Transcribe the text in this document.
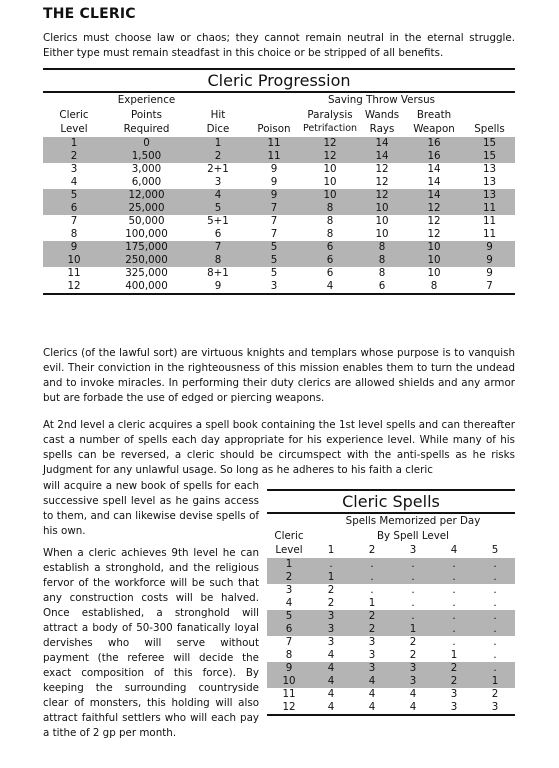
THE CLERIC

Clerics must choose law or chaos; they cannot remain neutral in the eternal struggle. Either type must remain steadfast in this choice or be stripped of all benefits.

Cleric Progression
	Experience		Saving Throw Versus				
Cleric	Points	Hit		Paralysis	Wands	Breath	
Level	Required	Dice	Poison	Petrifaction	Rays	Weapon	Spells
1	0	1	11	12	14	16	15
2	1,500	2	11	12	14	16	15
3	3,000	2+1	9	10	12	14	13
4	6,000	3	9	10	12	14	13
5	12,000	4	9	10	12	14	13
6	25,000	5	7	8	10	12	11
7	50,000	5+1	7	8	10	12	11
8	100,000	6	7	8	10	12	11
9	175,000	7	5	6	8	10	9
10	250,000	8	5	6	8	10	9
11	325,000	8+1	5	6	8	10	9
12	400,000	9	3	4	6	8	7

Clerics (of the lawful sort) are virtuous knights and templars whose purpose is to vanquish evil. Their conviction in the righteousness of this mission enables them to turn the undead and to invoke miracles. In performing their duty clerics are allowed shields and any armor but are forbade the use of edged or piercing weapons.

At 2nd level a cleric acquires a spell book containing the 1st level spells and can thereafter cast a number of spells each day appropriate for his experience level. While many of his spells can be reversed, a cleric should be circumspect with the anti-spells as he risks Judgment for any unlawful usage. So long as he adheres to his faith a cleric

will acquire a new book of spells for each successive spell level as he gains access to them, and can likewise devise spells of his own.

When a cleric achieves 9th level he can establish a stronghold, and the religious fervor of the workforce will be such that any construction costs will be halved. Once established, a stronghold will attract a body of 50-300 fanatically loyal dervishes who will serve without payment (the referee will decide the exact composition of this force). By keeping the surrounding countryside clear of monsters, this holding will also attract faithful settlers who will each pay a tithe of 2 gp per month.

Cleric Spells
	Spells Memorized per Day				
Cleric	By Spell Level				
Level	1	2	3	4	5
1	.	.	.	.	.
2	1	.	.	.	.
3	2	.	.	.	.
4	2	1	.	.	.
5	3	2	.	.	.
6	3	2	1	.	.
7	3	3	2	.	.
8	4	3	2	1	.
9	4	3	3	2	.
10	4	4	3	2	1
11	4	4	4	3	2
12	4	4	4	3	3
